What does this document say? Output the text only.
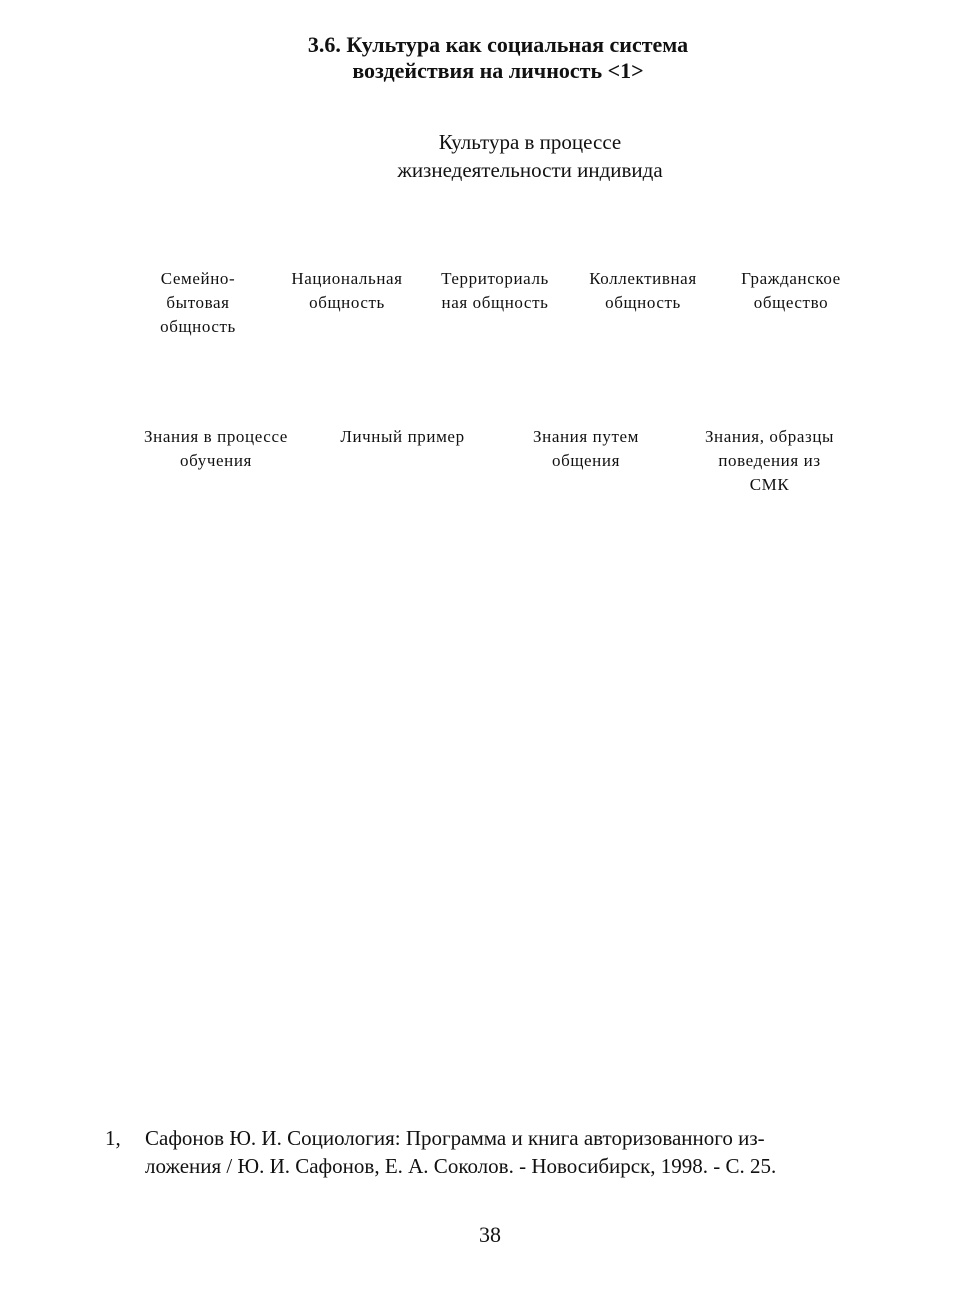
3.6. Культура как социальная система
воздействия на личность <1>
Культура в процессе
жизнедеятельности индивида
Семейно-
бытовая
общность
Национальная
общность
Территориаль
ная общность
Коллективная
общность
Гражданское
общество
Знания в процессе
обучения
Личный пример	Знания путем
общения
Знания, образцы
поведения из
СМК
1, Сафонов Ю. И. Социология: Программа и книга авторизованного из-
ложения / Ю. И. Сафонов, Е. А. Соколов. - Новосибирск, 1998. - С. 25.
38
